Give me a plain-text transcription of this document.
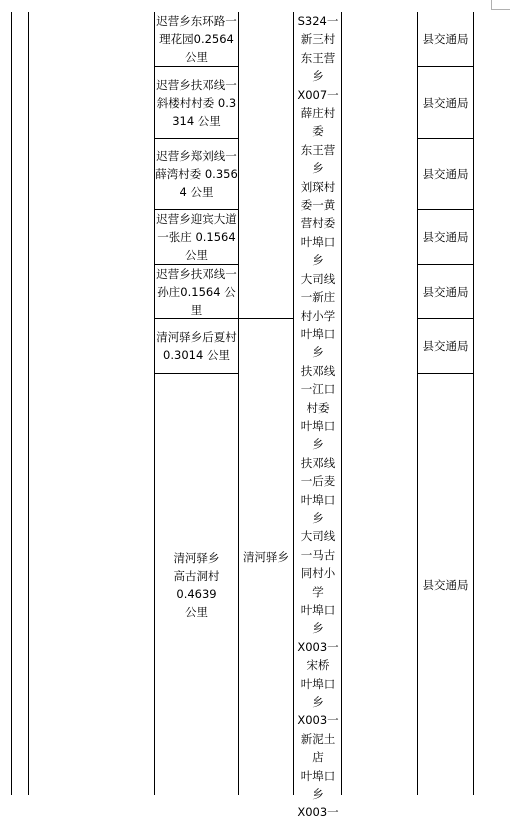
迟营乡东环路一理花园0.2564 公里
迟营乡扶邓线一斜楼村村委 0.3314 公里
迟营乡郑刘线一薛湾村委 0.3564 公里
迟营乡迎宾大道一张庄 0.1564 公里
迟营乡扶邓线一孙庄0.1564 公里
清河驿乡后夏村 0.3014 公里
清河驿乡高古洞村 0.4639 公里
清河驿乡
S324一
新三村
东王营
乡
X007一
薛庄村
委
东王营
乡
刘琛村
委一黄
营村委
叶埠口
乡
大司线
一新庄
村小学
叶埠口
乡
扶邓线
一江口
村委
叶埠口
乡
扶邓线
一后麦
叶埠口
乡
大司线
一马古
同村小
学
叶埠口
乡
X003一
宋桥
叶埠口
乡
X003一
新泥土
店
叶埠口
乡
X003一
县交通局
县交通局
县交通局
县交通局
县交通局
县交通局
县交通局
